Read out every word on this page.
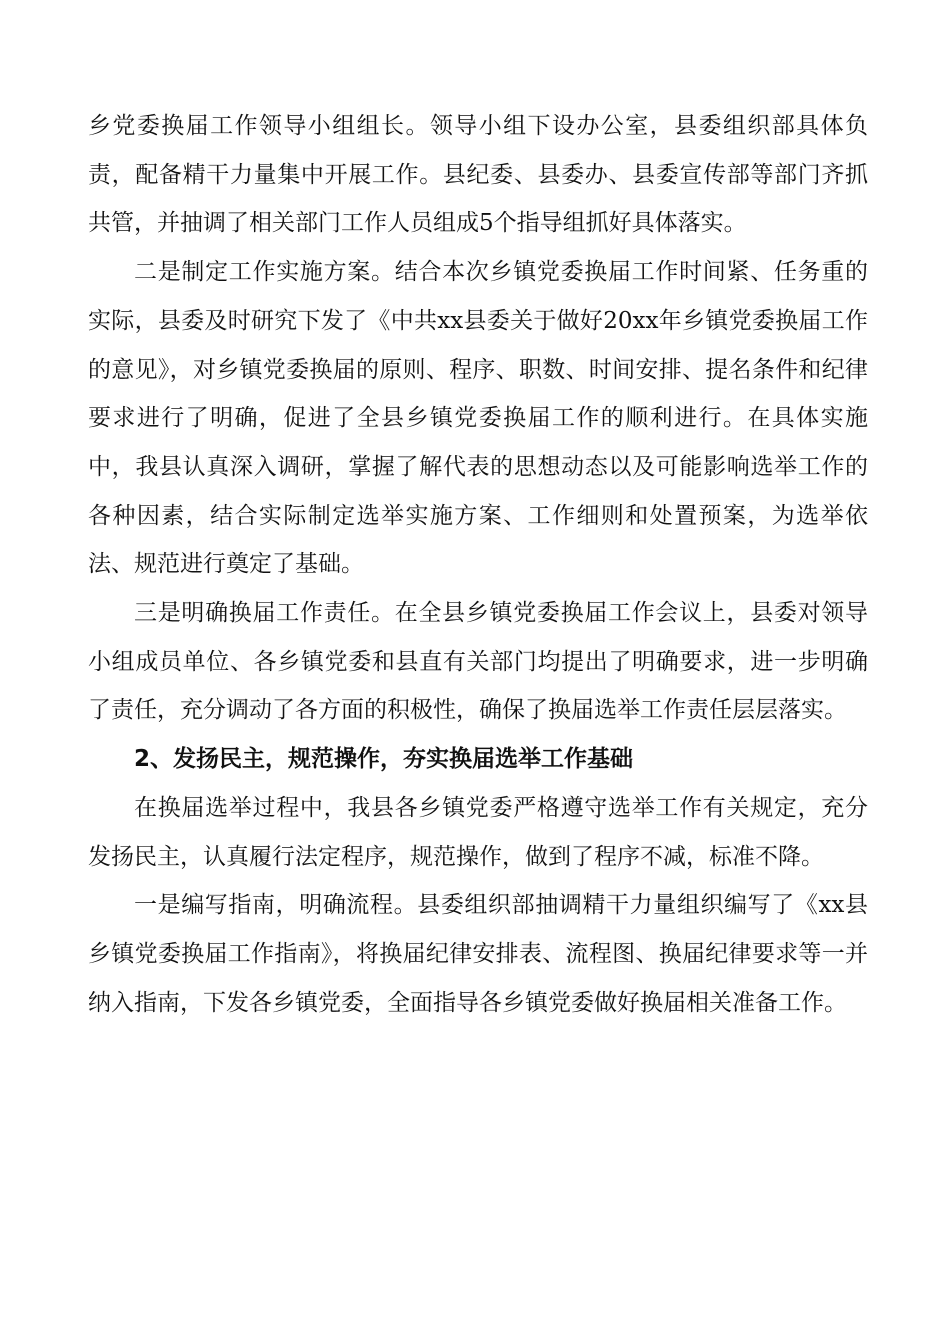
乡党委换届工作领导小组组长。领导小组下设办公室，县委组织部具体负责，配备精干力量集中开展工作。县纪委、县委办、县委宣传部等部门齐抓共管，并抽调了相关部门工作人员组成5个指导组抓好具体落实。

二是制定工作实施方案。结合本次乡镇党委换届工作时间紧、任务重的实际，县委及时研究下发了《中共xx县委关于做好20xx年乡镇党委换届工作的意见》，对乡镇党委换届的原则、程序、职数、时间安排、提名条件和纪律要求进行了明确，促进了全县乡镇党委换届工作的顺利进行。在具体实施中，我县认真深入调研，掌握了解代表的思想动态以及可能影响选举工作的各种因素，结合实际制定选举实施方案、工作细则和处置预案，为选举依法、规范进行奠定了基础。

三是明确换届工作责任。在全县乡镇党委换届工作会议上，县委对领导小组成员单位、各乡镇党委和县直有关部门均提出了明确要求，进一步明确了责任，充分调动了各方面的积极性，确保了换届选举工作责任层层落实。

2、发扬民主，规范操作，夯实换届选举工作基础

在换届选举过程中，我县各乡镇党委严格遵守选举工作有关规定，充分发扬民主，认真履行法定程序，规范操作，做到了程序不减，标准不降。

一是编写指南，明确流程。县委组织部抽调精干力量组织编写了《xx县乡镇党委换届工作指南》，将换届纪律安排表、流程图、换届纪律要求等一并纳入指南，下发各乡镇党委，全面指导各乡镇党委做好换届相关准备工作。
